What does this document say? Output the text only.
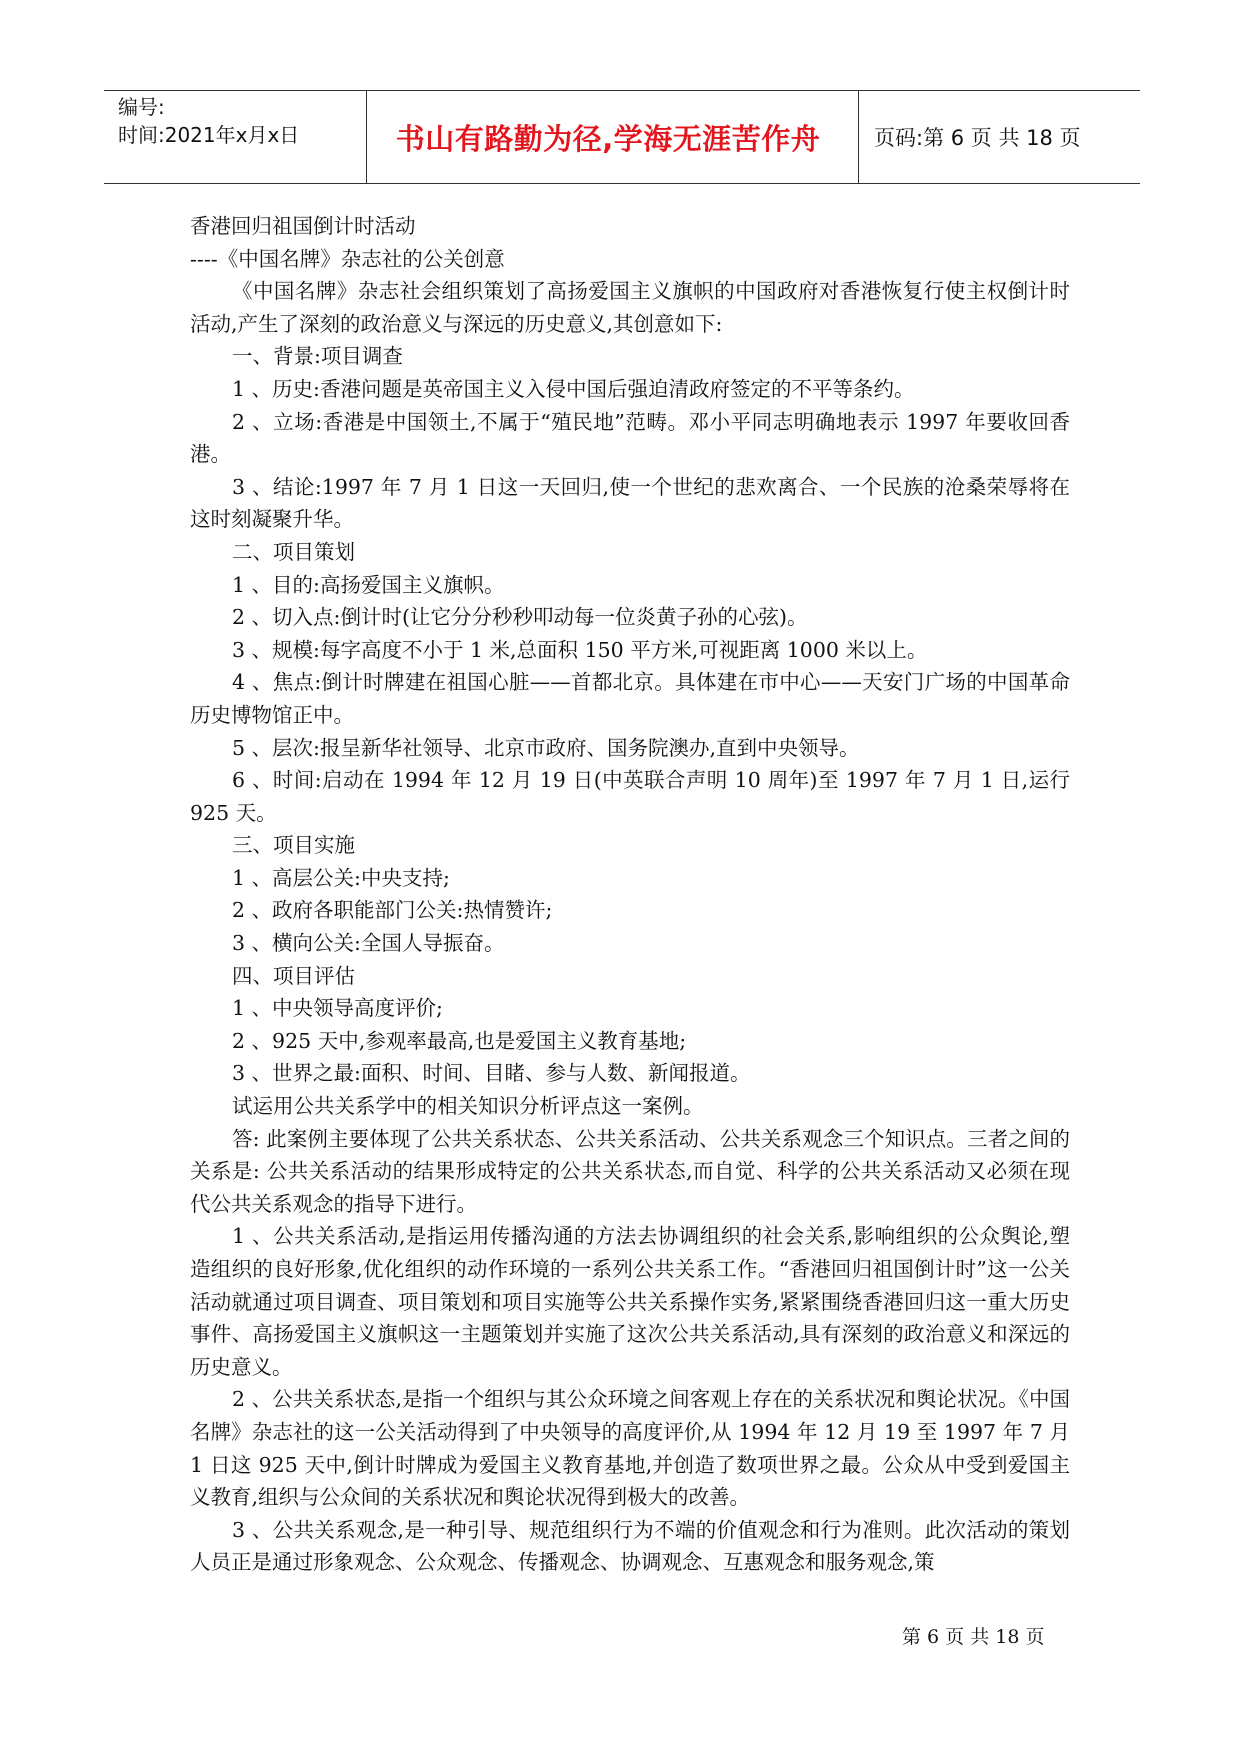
编号:
时间:2021年x月x日	书山有路勤为径,学海无涯苦作舟	页码:第 6 页 共 18 页

香港回归祖国倒计时活动

----《中国名牌》杂志社的公关创意

《中国名牌》杂志社会组织策划了高扬爱国主义旗帜的中国政府对香港恢复行使主权倒计时活动,产生了深刻的政治意义与深远的历史意义,其创意如下:

一、背景:项目调查

1 、历史:香港问题是英帝国主义入侵中国后强迫清政府签定的不平等条约。

2 、立场:香港是中国领土,不属于“殖民地”范畴。邓小平同志明确地表示 1997 年要收回香港。

3 、结论:1997 年 7 月 1 日这一天回归,使一个世纪的悲欢离合、一个民族的沧桑荣辱将在这时刻凝聚升华。

二、项目策划

1 、目的:高扬爱国主义旗帜。

2 、切入点:倒计时(让它分分秒秒叩动每一位炎黄子孙的心弦)。

3 、规模:每字高度不小于 1 米,总面积 150 平方米,可视距离 1000 米以上。

4 、焦点:倒计时牌建在祖国心脏——首都北京。具体建在市中心——天安门广场的中国革命历史博物馆正中。

5 、层次:报呈新华社领导、北京市政府、国务院澳办,直到中央领导。

6 、时间:启动在 1994 年 12 月 19 日(中英联合声明 10 周年)至 1997 年 7 月 1 日,运行 925 天。

三、项目实施

1 、高层公关:中央支持;

2 、政府各职能部门公关:热情赞许;

3 、横向公关:全国人导振奋。

四、项目评估

1 、中央领导高度评价;

2 、925 天中,参观率最高,也是爱国主义教育基地;

3 、世界之最:面积、时间、目睹、参与人数、新闻报道。

试运用公共关系学中的相关知识分析评点这一案例。

答: 此案例主要体现了公共关系状态、公共关系活动、公共关系观念三个知识点。三者之间的关系是: 公共关系活动的结果形成特定的公共关系状态,而自觉、科学的公共关系活动又必须在现代公共关系观念的指导下进行。

1 、公共关系活动,是指运用传播沟通的方法去协调组织的社会关系,影响组织的公众舆论,塑造组织的良好形象,优化组织的动作环境的一系列公共关系工作。“香港回归祖国倒计时”这一公关活动就通过项目调查、项目策划和项目实施等公共关系操作实务,紧紧围绕香港回归这一重大历史事件、高扬爱国主义旗帜这一主题策划并实施了这次公共关系活动,具有深刻的政治意义和深远的历史意义。

2 、公共关系状态,是指一个组织与其公众环境之间客观上存在的关系状况和舆论状况。《中国名牌》杂志社的这一公关活动得到了中央领导的高度评价,从 1994 年 12 月 19 至 1997 年 7 月 1 日这 925 天中,倒计时牌成为爱国主义教育基地,并创造了数项世界之最。公众从中受到爱国主义教育,组织与公众间的关系状况和舆论状况得到极大的改善。

3 、公共关系观念,是一种引导、规范组织行为不端的价值观念和行为准则。此次活动的策划人员正是通过形象观念、公众观念、传播观念、协调观念、互惠观念和服务观念,策

第 6 页 共 18 页
